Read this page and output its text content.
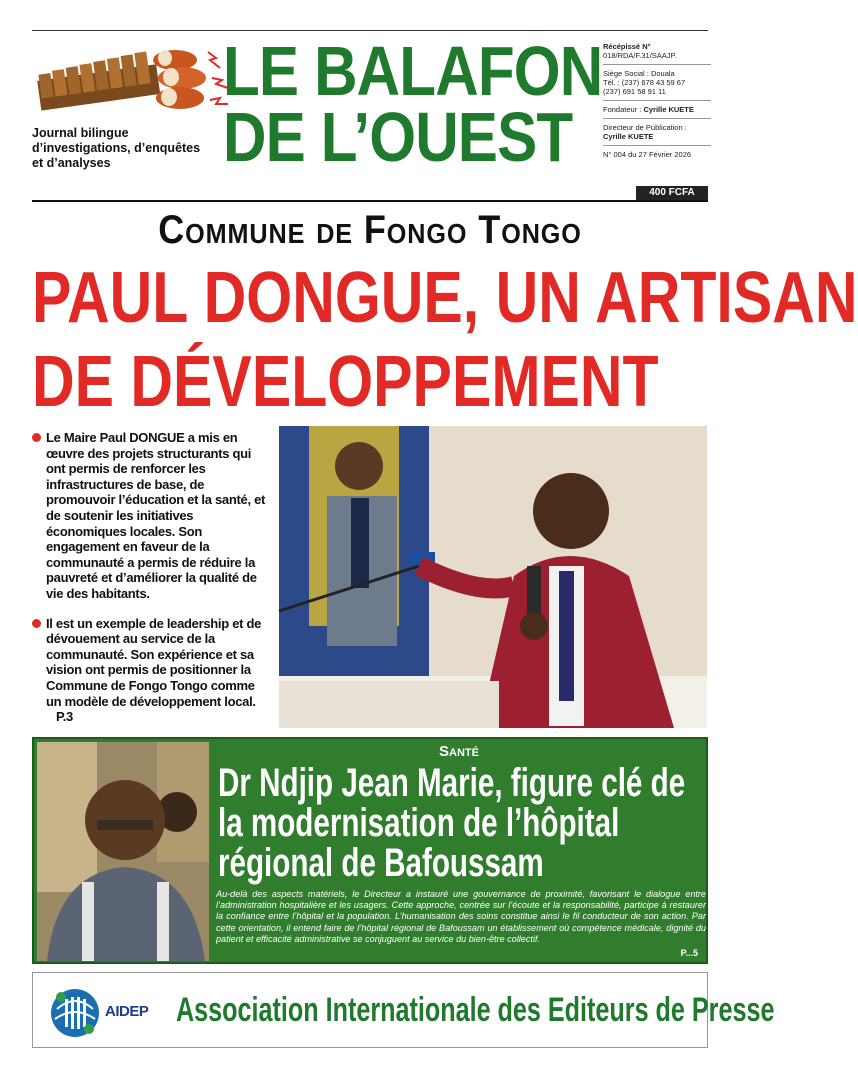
LE BALAFON
DE L’OUEST
Journal bilingue d’investigations, d’enquêtes et d’analyses
Récépissé N°
018/RDA/F.31/SAAJP.
Siège Social : Douala
Tél. : (237) 678 43 59 67
(237) 691 58 91 11
Fondateur : Cyrille KUETE
Directeur de Publication :
Cyrille KUETE
N° 004 du 27 Février 2026
400 FCFA
Commune de Fongo Tongo
PAUL DONGUE, UN ARTISAN
DE DÉVELOPPEMENT

Le Maire Paul DONGUE a mis en œuvre des projets structurants qui ont permis de renforcer les infrastructures de base, de promouvoir l’éducation et la santé, et de soutenir les initiatives économiques locales. Son engagement en faveur de la communauté a permis de réduire la pauvreté et d’améliorer la qualité de vie des habitants.

Il est un exemple de leadership et de dévouement au service de la communauté. Son expérience et sa vision ont permis de positionner la Commune de Fongo Tongo comme un modèle de développement local. P.3

Santé
Dr Ndjip Jean Marie, figure clé de la modernisation de l’hôpital régional de Bafoussam
Au-delà des aspects matériels, le Directeur a instauré une gouvernance de proximité, favorisant le dialogue entre l’administration hospitalière et les usagers. Cette approche, centrée sur l’écoute et la responsabilité, participe à restaurer la confiance entre l’hôpital et la population. L’humanisation des soins constitue ainsi le fil conducteur de son action. Par cette orientation, il entend faire de l’hôpital régional de Bafoussam un établissement où compétence médicale, dignité du patient et efficacité administrative se conjuguent au service du bien-être collectif.
P...5
AIDEP Association Internationale des Editeurs de Presse
